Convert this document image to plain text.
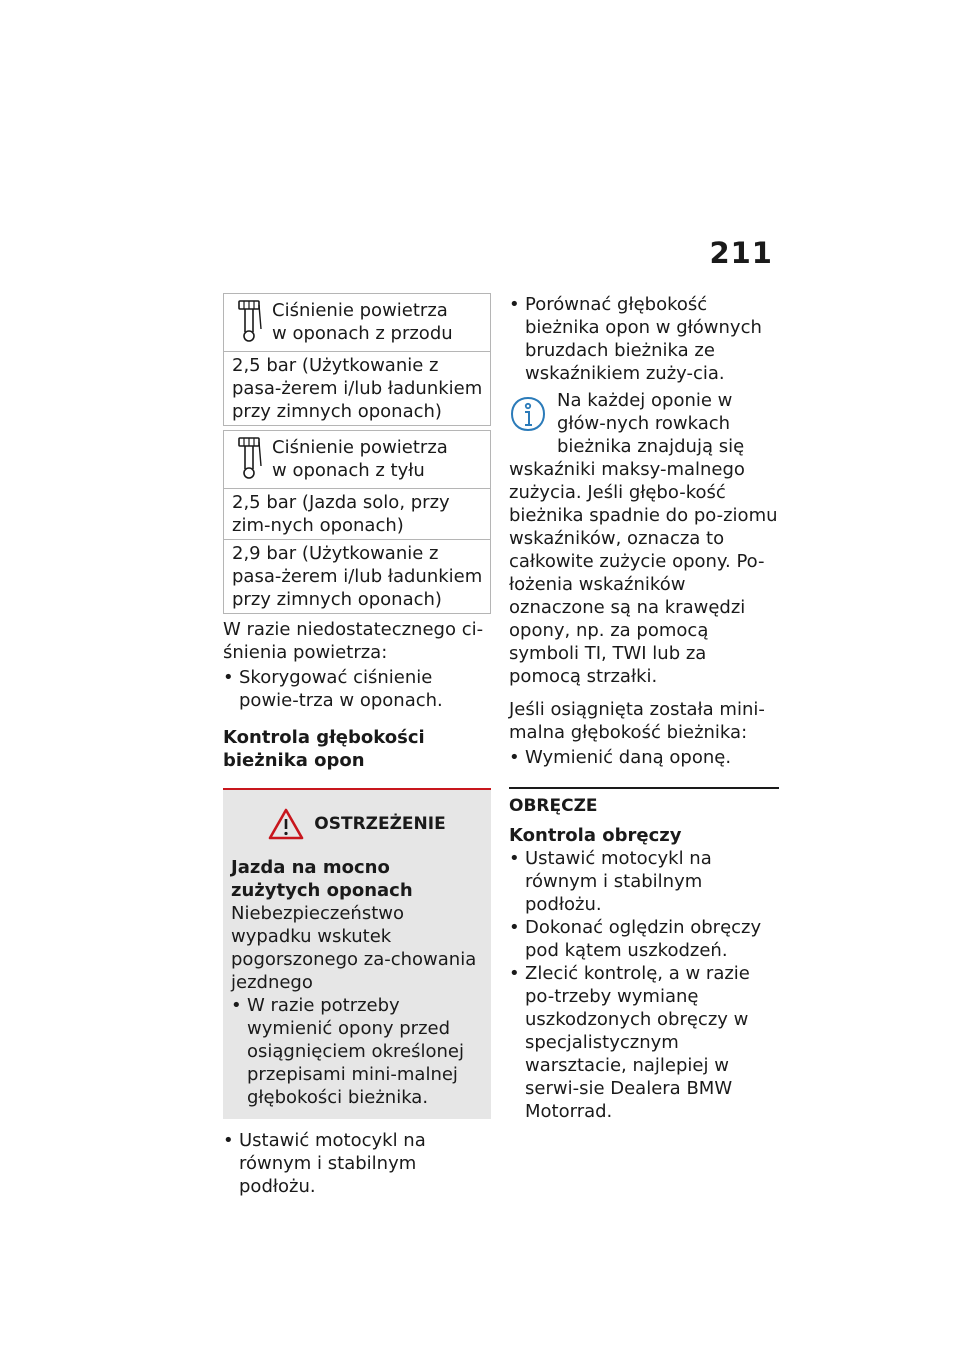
211
Ciśnienie powietrza
w oponach z przodu
2,5 bar (Użytkowanie z pasa-żerem i/lub ładunkiem przy zimnych oponach)
Ciśnienie powietrza
w oponach z tyłu
2,5 bar (Jazda solo, przy zim-nych oponach)
2,9 bar (Użytkowanie z pasa-żerem i/lub ładunkiem przy zimnych oponach)

W razie niedostatecznego ci-śnienia powietrza:

• Skorygować ciśnienie powie-trza w oponach.
Kontrola głębokości bieżnika opon
OSTRZEŻENIE
Jazda na mocno zużytych oponach

Niebezpieczeństwo wypadku wskutek pogorszonego za-chowania jezdnego

• W razie potrzeby wymienić opony przed osiągnięciem określonej przepisami mini-malnej głębokości bieżnika.
• Ustawić motocykl na równym i stabilnym podłożu.
• Porównać głębokość bieżnika opon w głównych bruzdach bieżnika ze wskaźnikiem zuży-cia.

Na każdej oponie w głów-nych rowkach bieżnika znajdują się wskaźniki maksy-malnego zużycia. Jeśli głębo-kość bieżnika spadnie do po-ziomu wskaźników, oznacza to całkowite zużycie opony. Po-łożenia wskaźników oznaczone są na krawędzi opony, np. za pomocą symboli TI, TWI lub za pomocą strzałki.

Jeśli osiągnięta została mini-malna głębokość bieżnika:

• Wymienić daną oponę.
OBRĘCZE
Kontrola obręczy
• Ustawić motocykl na równym i stabilnym podłożu.
• Dokonać oględzin obręczy pod kątem uszkodzeń.
• Zlecić kontrolę, a w razie po-trzeby wymianę uszkodzonych obręczy w specjalistycznym warsztacie, najlepiej w serwi-sie Dealera BMW Motorrad.
